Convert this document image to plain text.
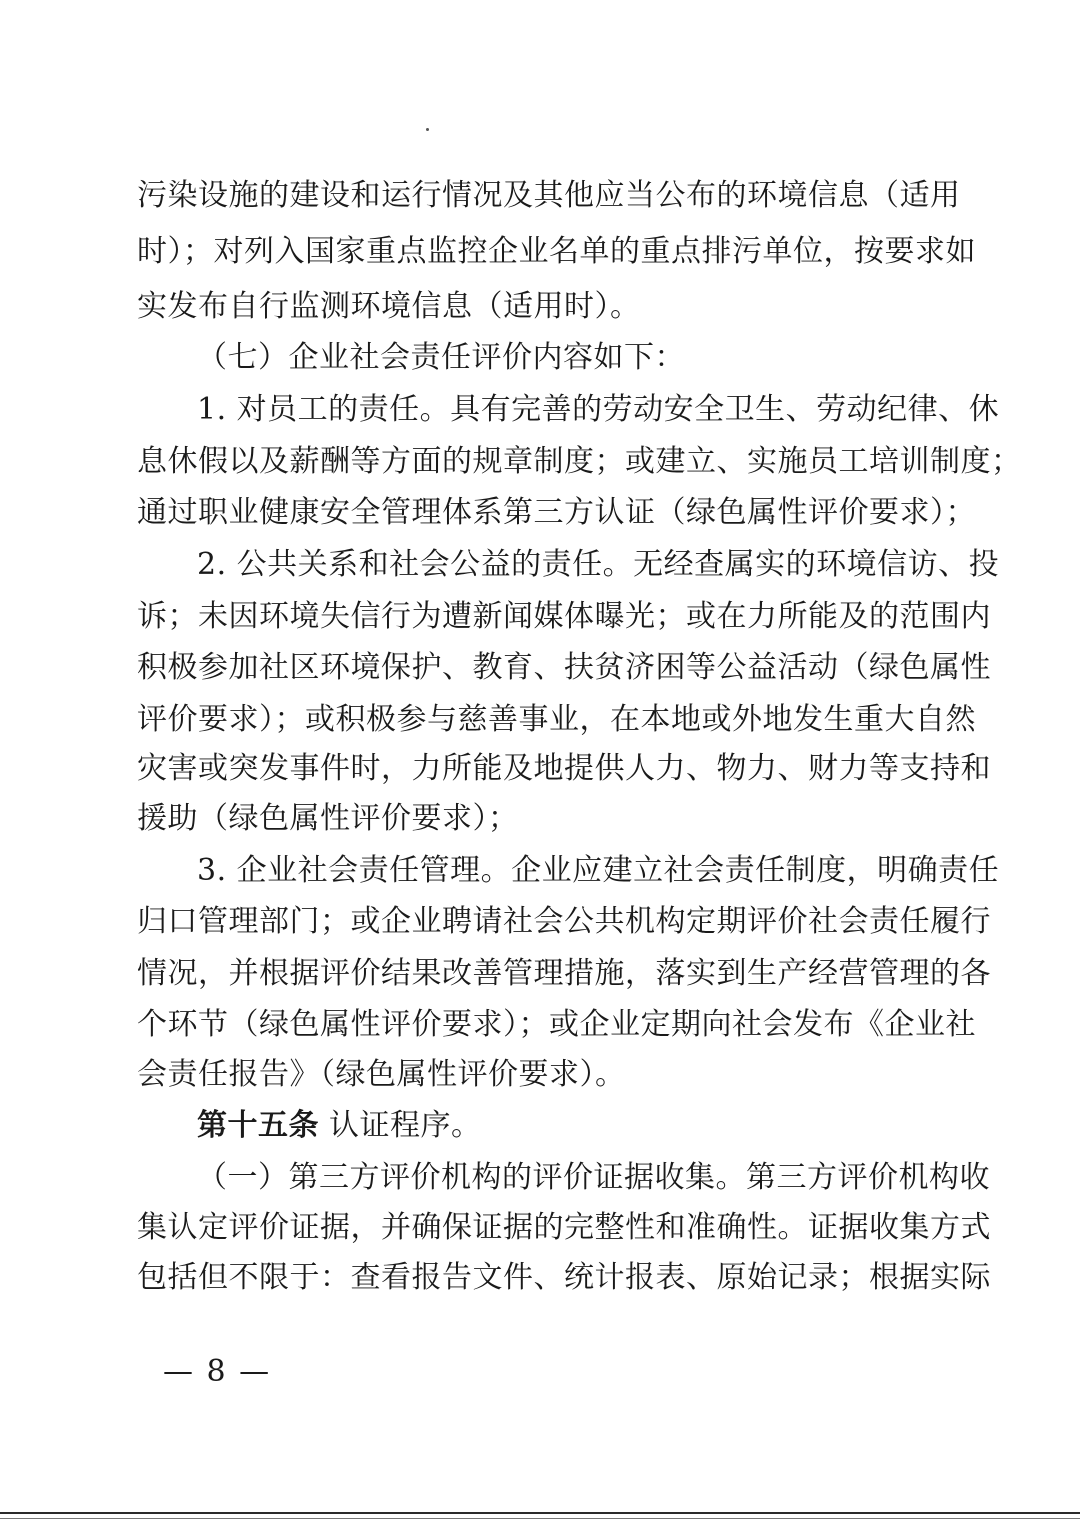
污染设施的建设和运行情况及其他应当公布的环境信息（适用
时）；对列入国家重点监控企业名单的重点排污单位，按要求如
实发布自行监测环境信息（适用时）。
（七）企业社会责任评价内容如下：
1. 对员工的责任。具有完善的劳动安全卫生、劳动纪律、休
息休假以及薪酬等方面的规章制度；或建立、实施员工培训制度；
通过职业健康安全管理体系第三方认证（绿色属性评价要求）；
2. 公共关系和社会公益的责任。无经查属实的环境信访、投
诉；未因环境失信行为遭新闻媒体曝光；或在力所能及的范围内
积极参加社区环境保护、教育、扶贫济困等公益活动（绿色属性
评价要求）；或积极参与慈善事业，在本地或外地发生重大自然
灾害或突发事件时，力所能及地提供人力、物力、财力等支持和
援助（绿色属性评价要求）；
3. 企业社会责任管理。企业应建立社会责任制度，明确责任
归口管理部门；或企业聘请社会公共机构定期评价社会责任履行
情况，并根据评价结果改善管理措施，落实到生产经营管理的各
个环节（绿色属性评价要求）；或企业定期向社会发布《企业社
会责任报告》（绿色属性评价要求）。
第十五条 认证程序。
（一）第三方评价机构的评价证据收集。第三方评价机构收
集认定评价证据，并确保证据的完整性和准确性。证据收集方式
包括但不限于：查看报告文件、统计报表、原始记录；根据实际
— 8 —
